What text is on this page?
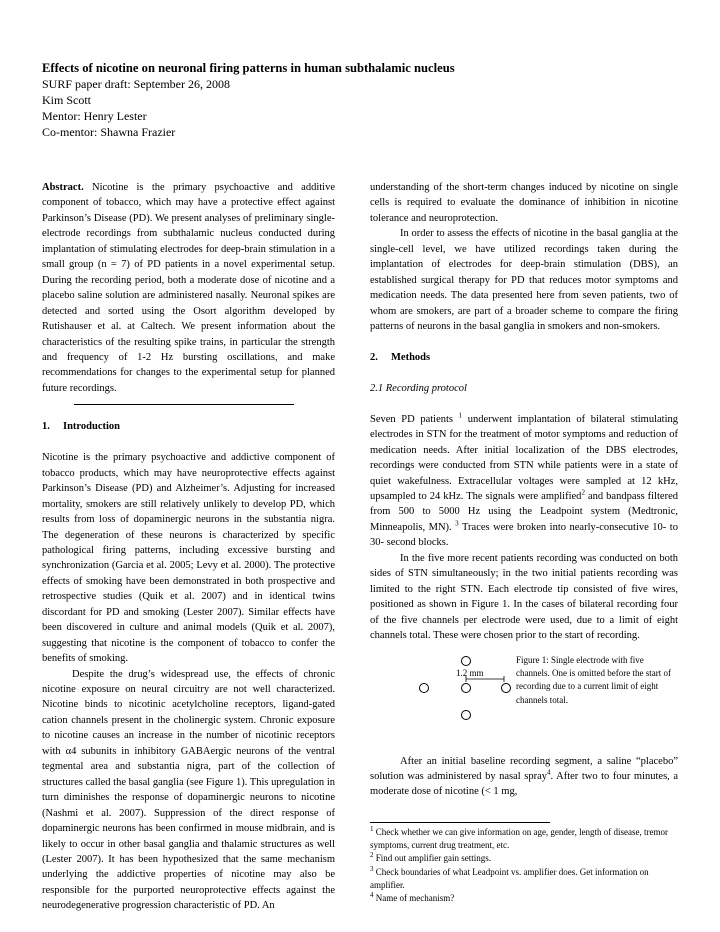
Effects of nicotine on neuronal firing patterns in human subthalamic nucleus

SURF paper draft: September 26, 2008

Kim Scott

Mentor: Henry Lester

Co-mentor: Shawna Frazier

Abstract. Nicotine is the primary psychoactive and additive component of tobacco, which may have a protective effect against Parkinson’s Disease (PD). We present analyses of preliminary single-electrode recordings from subthalamic nucleus conducted during implantation of stimulating electrodes for deep-brain stimulation in a small group (n = 7) of PD patients in a novel experimental setup. During the recording period, both a moderate dose of nicotine and a placebo saline solution are administered nasally. Neuronal spikes are detected and sorted using the Osort algorithm developed by Rutishauser et al. at Caltech. We present information about the characteristics of the resulting spike trains, in particular the strength and frequency of 1-2 Hz bursting oscillations, and make recommendations for changes to the experimental setup for planned future recordings.

1. Introduction

Nicotine is the primary psychoactive and addictive component of tobacco products, which may have neuroprotective effects against Parkinson’s Disease (PD) and Alzheimer’s. Adjusting for increased mortality, smokers are still relatively unlikely to develop PD, which results from loss of dopaminergic neurons in the substantia nigra. The degeneration of these neurons is characterized by specific pathological firing patterns, including excessive bursting and synchronization (Garcia et al. 2005; Levy et al. 2000). The protective effects of smoking have been demonstrated in both prospective and retrospective studies (Quik et al. 2007) and in identical twins discordant for PD and smoking (Lester 2007). Similar effects have been discovered in culture and animal models (Quik et al. 2007), suggesting that nicotine is the component of tobacco to confer the benefits of smoking.

Despite the drug’s widespread use, the effects of chronic nicotine exposure on neural circuitry are not well characterized. Nicotine binds to nicotinic acetylcholine receptors, ligand-gated cation channels present in the cholinergic system. Chronic exposure to nicotine causes an increase in the number of nicotinic receptors with α4 subunits in inhibitory GABAergic neurons of the ventral tegmental area and substantia nigra, part of the collection of structures called the basal ganglia (see Figure 1). This upregulation in turn diminishes the response of dopaminergic neurons to nicotine (Nashmi et al. 2007). Suppression of the direct response of dopaminergic neurons has been confirmed in mouse midbrain, and is likely to occur in other basal ganglia and thalamic structures as well (Lester 2007). It has been hypothesized that the same mechanism underlying the addictive properties of nicotine may also be responsible for the purported neuroprotective effects against the neurodegenerative progression characteristic of PD. An

understanding of the short-term changes induced by nicotine on single cells is required to evaluate the dominance of inhibition in nicotine tolerance and neuroprotection.

In order to assess the effects of nicotine in the basal ganglia at the single-cell level, we have utilized recordings taken during the implantation of electrodes for deep-brain stimulation (DBS), an established surgical therapy for PD that reduces motor symptoms and medication needs. The data presented here from seven patients, two of whom are smokers, are part of a broader scheme to compare the firing patterns of neurons in the basal ganglia in smokers and non-smokers.

2. Methods

2.1 Recording protocol

Seven PD patients $^1$ underwent implantation of bilateral stimulating electrodes in STN for the treatment of motor symptoms and reduction of medication needs. After initial localization of the DBS electrodes, recordings were conducted from STN while patients were in a state of quiet wakefulness. Extracellular voltages were sampled at 12 kHz, upsampled to 24 kHz. The signals were amplified$^2$ and bandpass filtered from 500 to 5000 Hz using the Leadpoint system (Medtronic, Minneapolis, MN). $^3$ Traces were broken into nearly-consecutive 10- to 30- second blocks.

In the five more recent patients recording was conducted on both sides of STN simultaneously; in the two initial patients recording was limited to the right STN. Each electrode tip consisted of five wires, positioned as shown in Figure 1. In the cases of bilateral recording four of the five channels per electrode were used, due to a limit of eight channels total. These were chosen prior to the start of recording.

1.2 mm
Figure 1: Single electrode with five channels. One is omitted before the start of recording due to a current limit of eight channels total.

After an initial baseline recording segment, a saline “placebo” solution was administered by nasal spray$^4$. After two to four minutes, a moderate dose of nicotine (< 1 mg,

$^1$ Check whether we can give information on age, gender, length of disease, tremor symptoms, current drug treatment, etc.

$^2$ Find out amplifier gain settings.

$^3$ Check boundaries of what Leadpoint vs. amplifier does. Get information on amplifier.

$^4$ Name of mechanism?
